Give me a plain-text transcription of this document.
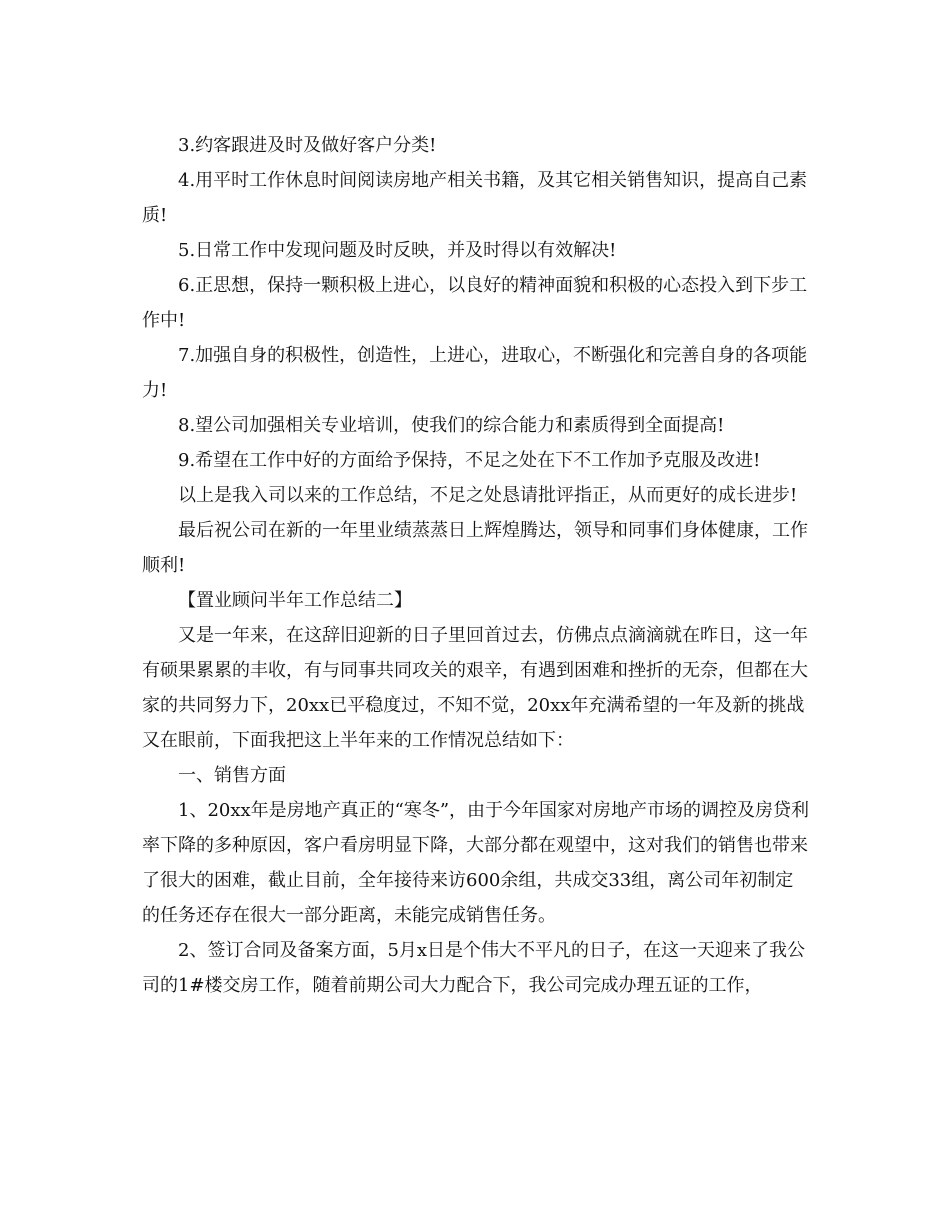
3.约客跟进及时及做好客户分类!

4.用平时工作休息时间阅读房地产相关书籍，及其它相关销售知识，提高自己素质!

5.日常工作中发现问题及时反映，并及时得以有效解决!

6.正思想，保持一颗积极上进心，以良好的精神面貌和积极的心态投入到下步工作中!

7.加强自身的积极性，创造性，上进心，进取心，不断强化和完善自身的各项能力!

8.望公司加强相关专业培训，使我们的综合能力和素质得到全面提高!

9.希望在工作中好的方面给予保持，不足之处在下不工作加予克服及改进!

以上是我入司以来的工作总结，不足之处恳请批评指正，从而更好的成长进步!

最后祝公司在新的一年里业绩蒸蒸日上辉煌腾达，领导和同事们身体健康，工作顺利!

【置业顾问半年工作总结二】

又是一年来，在这辞旧迎新的日子里回首过去，仿佛点点滴滴就在昨日，这一年有硕果累累的丰收，有与同事共同攻关的艰辛，有遇到困难和挫折的无奈，但都在大家的共同努力下，20xx已平稳度过，不知不觉，20xx年充满希望的一年及新的挑战又在眼前，下面我把这上半年来的工作情况总结如下：

一、销售方面

1、20xx年是房地产真正的“寒冬”，由于今年国家对房地产市场的调控及房贷利率下降的多种原因，客户看房明显下降，大部分都在观望中，这对我们的销售也带来了很大的困难，截止目前，全年接待来访600余组，共成交33组，离公司年初制定的任务还存在很大一部分距离，未能完成销售任务。

2、签订合同及备案方面，5月x日是个伟大不平凡的日子，在这一天迎来了我公司的1#楼交房工作，随着前期公司大力配合下，我公司完成办理五证的工作，
